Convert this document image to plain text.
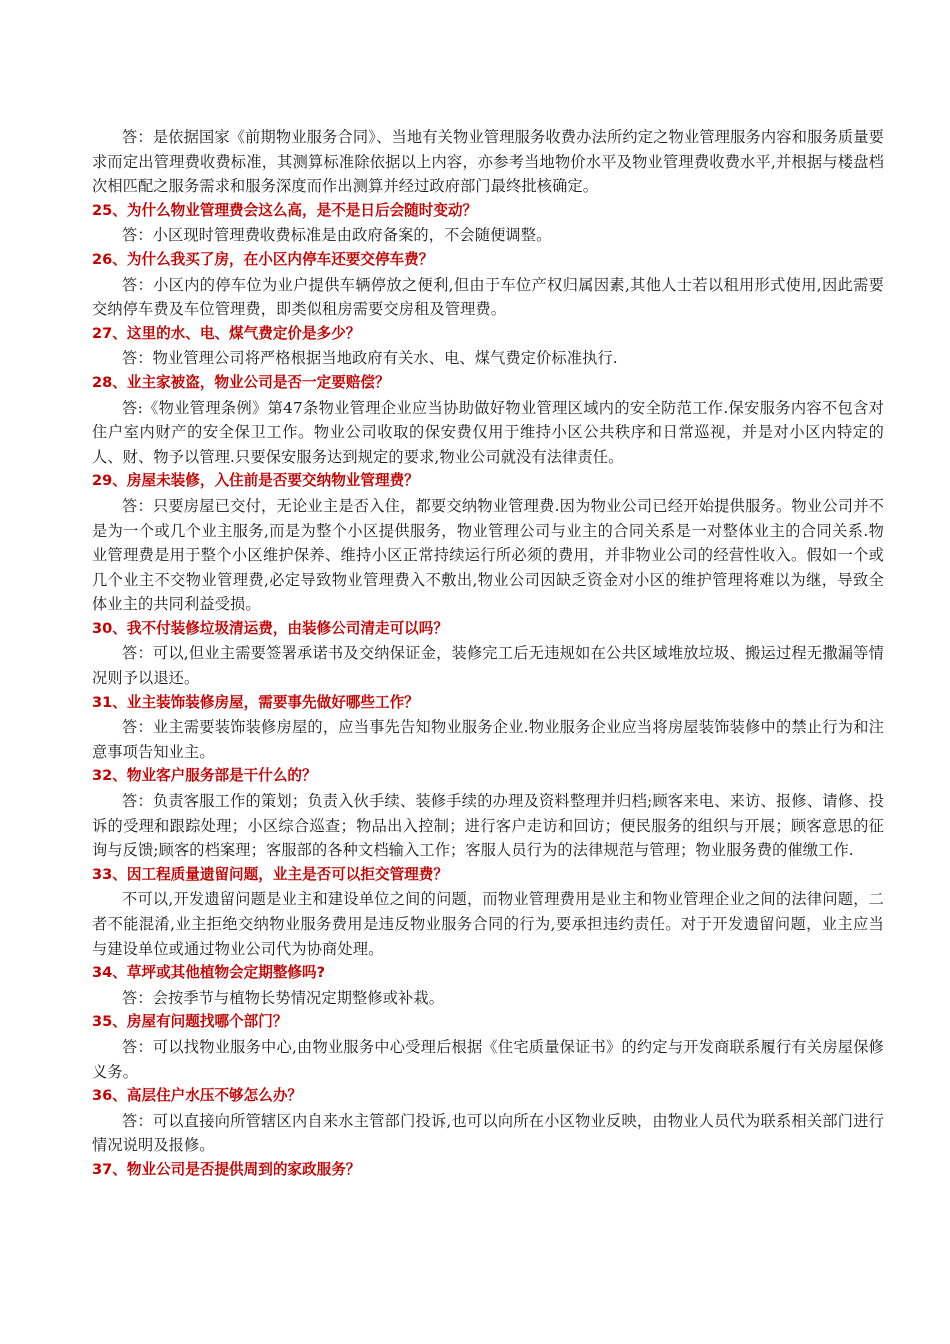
答：是依据国家《前期物业服务合同》、当地有关物业管理服务收费办法所约定之物业管理服务内容和服务质量要求而定出管理费收费标准，其测算标准除依据以上内容，亦参考当地物价水平及物业管理费收费水平,并根据与楼盘档次相匹配之服务需求和服务深度而作出测算并经过政府部门最终批核确定。

25、为什么物业管理费会这么高，是不是日后会随时变动？

答：小区现时管理费收费标准是由政府备案的，不会随便调整。

26、为什么我买了房，在小区内停车还要交停车费？

答：小区内的停车位为业户提供车辆停放之便利,但由于车位产权归属因素,其他人士若以租用形式使用,因此需要交纳停车费及车位管理费，即类似租房需要交房租及管理费。

27、这里的水、电、煤气费定价是多少？

答：物业管理公司将严格根据当地政府有关水、电、煤气费定价标准执行.

28、业主家被盗，物业公司是否一定要赔偿？

答:《物业管理条例》第47条物业管理企业应当协助做好物业管理区域内的安全防范工作.保安服务内容不包含对住户室内财产的安全保卫工作。物业公司收取的保安费仅用于维持小区公共秩序和日常巡视，并是对小区内特定的人、财、物予以管理.只要保安服务达到规定的要求,物业公司就没有法律责任。

29、房屋未装修，入住前是否要交纳物业管理费？

答：只要房屋已交付，无论业主是否入住，都要交纳物业管理费.因为物业公司已经开始提供服务。物业公司并不是为一个或几个业主服务,而是为整个小区提供服务，物业管理公司与业主的合同关系是一对整体业主的合同关系.物业管理费是用于整个小区维护保养、维持小区正常持续运行所必须的费用，并非物业公司的经营性收入。假如一个或几个业主不交物业管理费,必定导致物业管理费入不敷出,物业公司因缺乏资金对小区的维护管理将难以为继，导致全体业主的共同利益受损。

30、我不付装修垃圾清运费，由装修公司清走可以吗？

答：可以,但业主需要签署承诺书及交纳保证金，装修完工后无违规如在公共区域堆放垃圾、搬运过程无撒漏等情况则予以退还。

31、业主装饰装修房屋，需要事先做好哪些工作？

答：业主需要装饰装修房屋的，应当事先告知物业服务企业.物业服务企业应当将房屋装饰装修中的禁止行为和注意事项告知业主。

32、物业客户服务部是干什么的？

答：负责客服工作的策划；负责入伙手续、装修手续的办理及资料整理并归档;顾客来电、来访、报修、请修、投诉的受理和跟踪处理；小区综合巡查；物品出入控制；进行客户走访和回访；便民服务的组织与开展；顾客意思的征询与反馈;顾客的档案理；客服部的各种文档输入工作；客服人员行为的法律规范与管理；物业服务费的催缴工作.

33、因工程质量遗留问题，业主是否可以拒交管理费？

不可以,开发遗留问题是业主和建设单位之间的问题，而物业管理费用是业主和物业管理企业之间的法律问题，二者不能混淆,业主拒绝交纳物业服务费用是违反物业服务合同的行为,要承担违约责任。对于开发遗留问题，业主应当与建设单位或通过物业公司代为协商处理。

34、草坪或其他植物会定期整修吗?

答：会按季节与植物长势情况定期整修或补栽。

35、房屋有问题找哪个部门？

答：可以找物业服务中心,由物业服务中心受理后根据《住宅质量保证书》的约定与开发商联系履行有关房屋保修义务。

36、高层住户水压不够怎么办？

答：可以直接向所管辖区内自来水主管部门投诉,也可以向所在小区物业反映，由物业人员代为联系相关部门进行情况说明及报修。

37、物业公司是否提供周到的家政服务？
